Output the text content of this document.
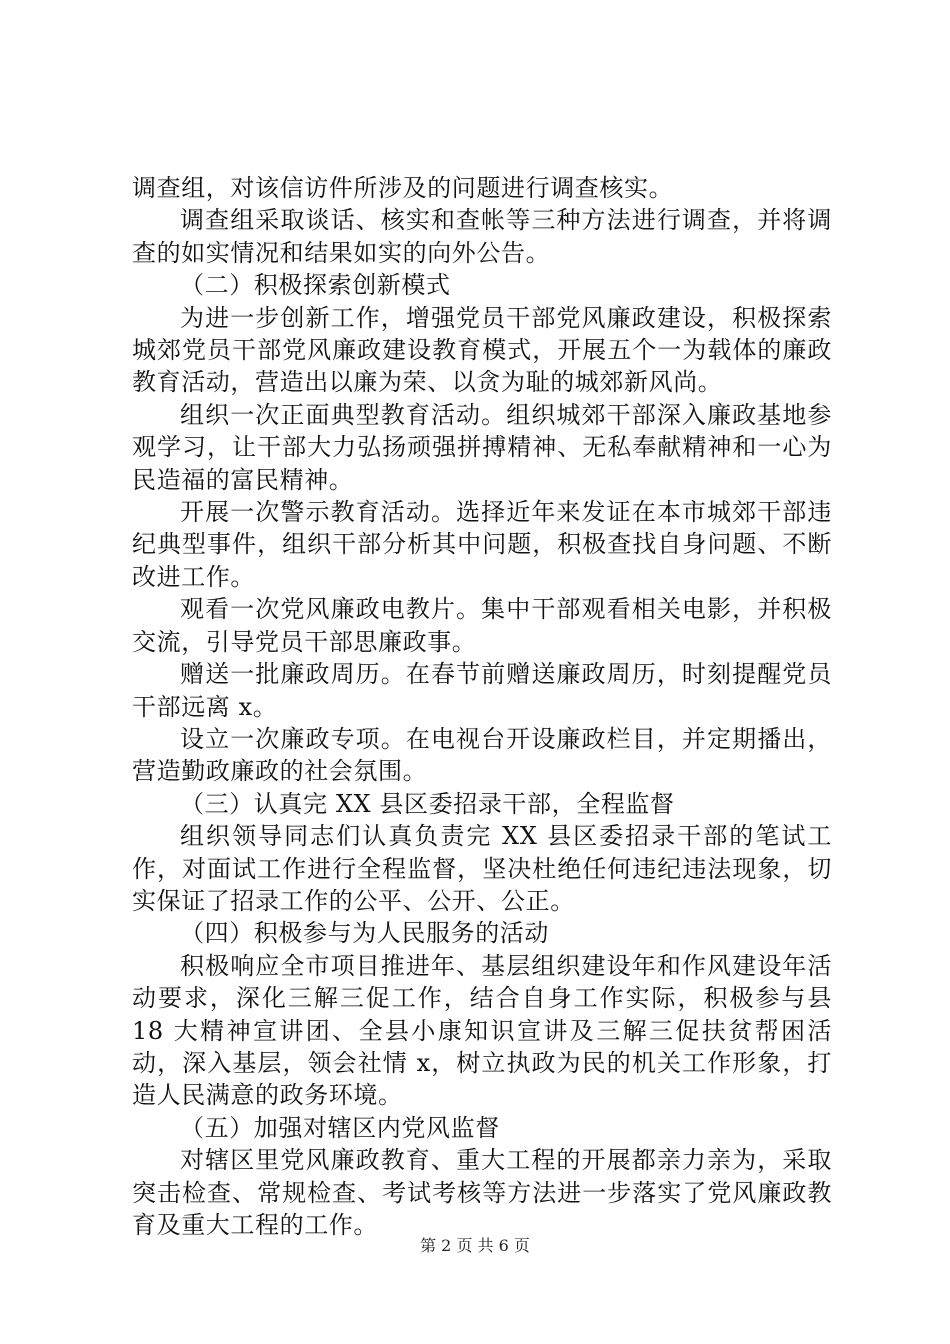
调查组，对该信访件所涉及的问题进行调查核实。

调查组采取谈话、核实和查帐等三种方法进行调查，并将调查的如实情况和结果如实的向外公告。

（二）积极探索创新模式

为进一步创新工作，增强党员干部党风廉政建设，积极探索城郊党员干部党风廉政建设教育模式，开展五个一为载体的廉政教育活动，营造出以廉为荣、以贪为耻的城郊新风尚。

组织一次正面典型教育活动。组织城郊干部深入廉政基地参观学习，让干部大力弘扬顽强拼搏精神、无私奉献精神和一心为民造福的富民精神。

开展一次警示教育活动。选择近年来发证在本市城郊干部违纪典型事件，组织干部分析其中问题，积极查找自身问题、不断改进工作。

观看一次党风廉政电教片。集中干部观看相关电影，并积极交流，引导党员干部思廉政事。

赠送一批廉政周历。在春节前赠送廉政周历，时刻提醒党员干部远离 x。

设立一次廉政专项。在电视台开设廉政栏目，并定期播出，营造勤政廉政的社会氛围。

（三）认真完 XX 县区委招录干部，全程监督

组织领导同志们认真负责完 XX 县区委招录干部的笔试工作，对面试工作进行全程监督，坚决杜绝任何违纪违法现象，切实保证了招录工作的公平、公开、公正。

（四）积极参与为人民服务的活动

积极响应全市项目推进年、基层组织建设年和作风建设年活动要求，深化三解三促工作，结合自身工作实际，积极参与县 18 大精神宣讲团、全县小康知识宣讲及三解三促扶贫帮困活动，深入基层，领会社情 x，树立执政为民的机关工作形象，打造人民满意的政务环境。

（五）加强对辖区内党风监督

对辖区里党风廉政教育、重大工程的开展都亲力亲为，采取突击检查、常规检查、考试考核等方法进一步落实了党风廉政教育及重大工程的工作。

第 2 页 共 6 页
